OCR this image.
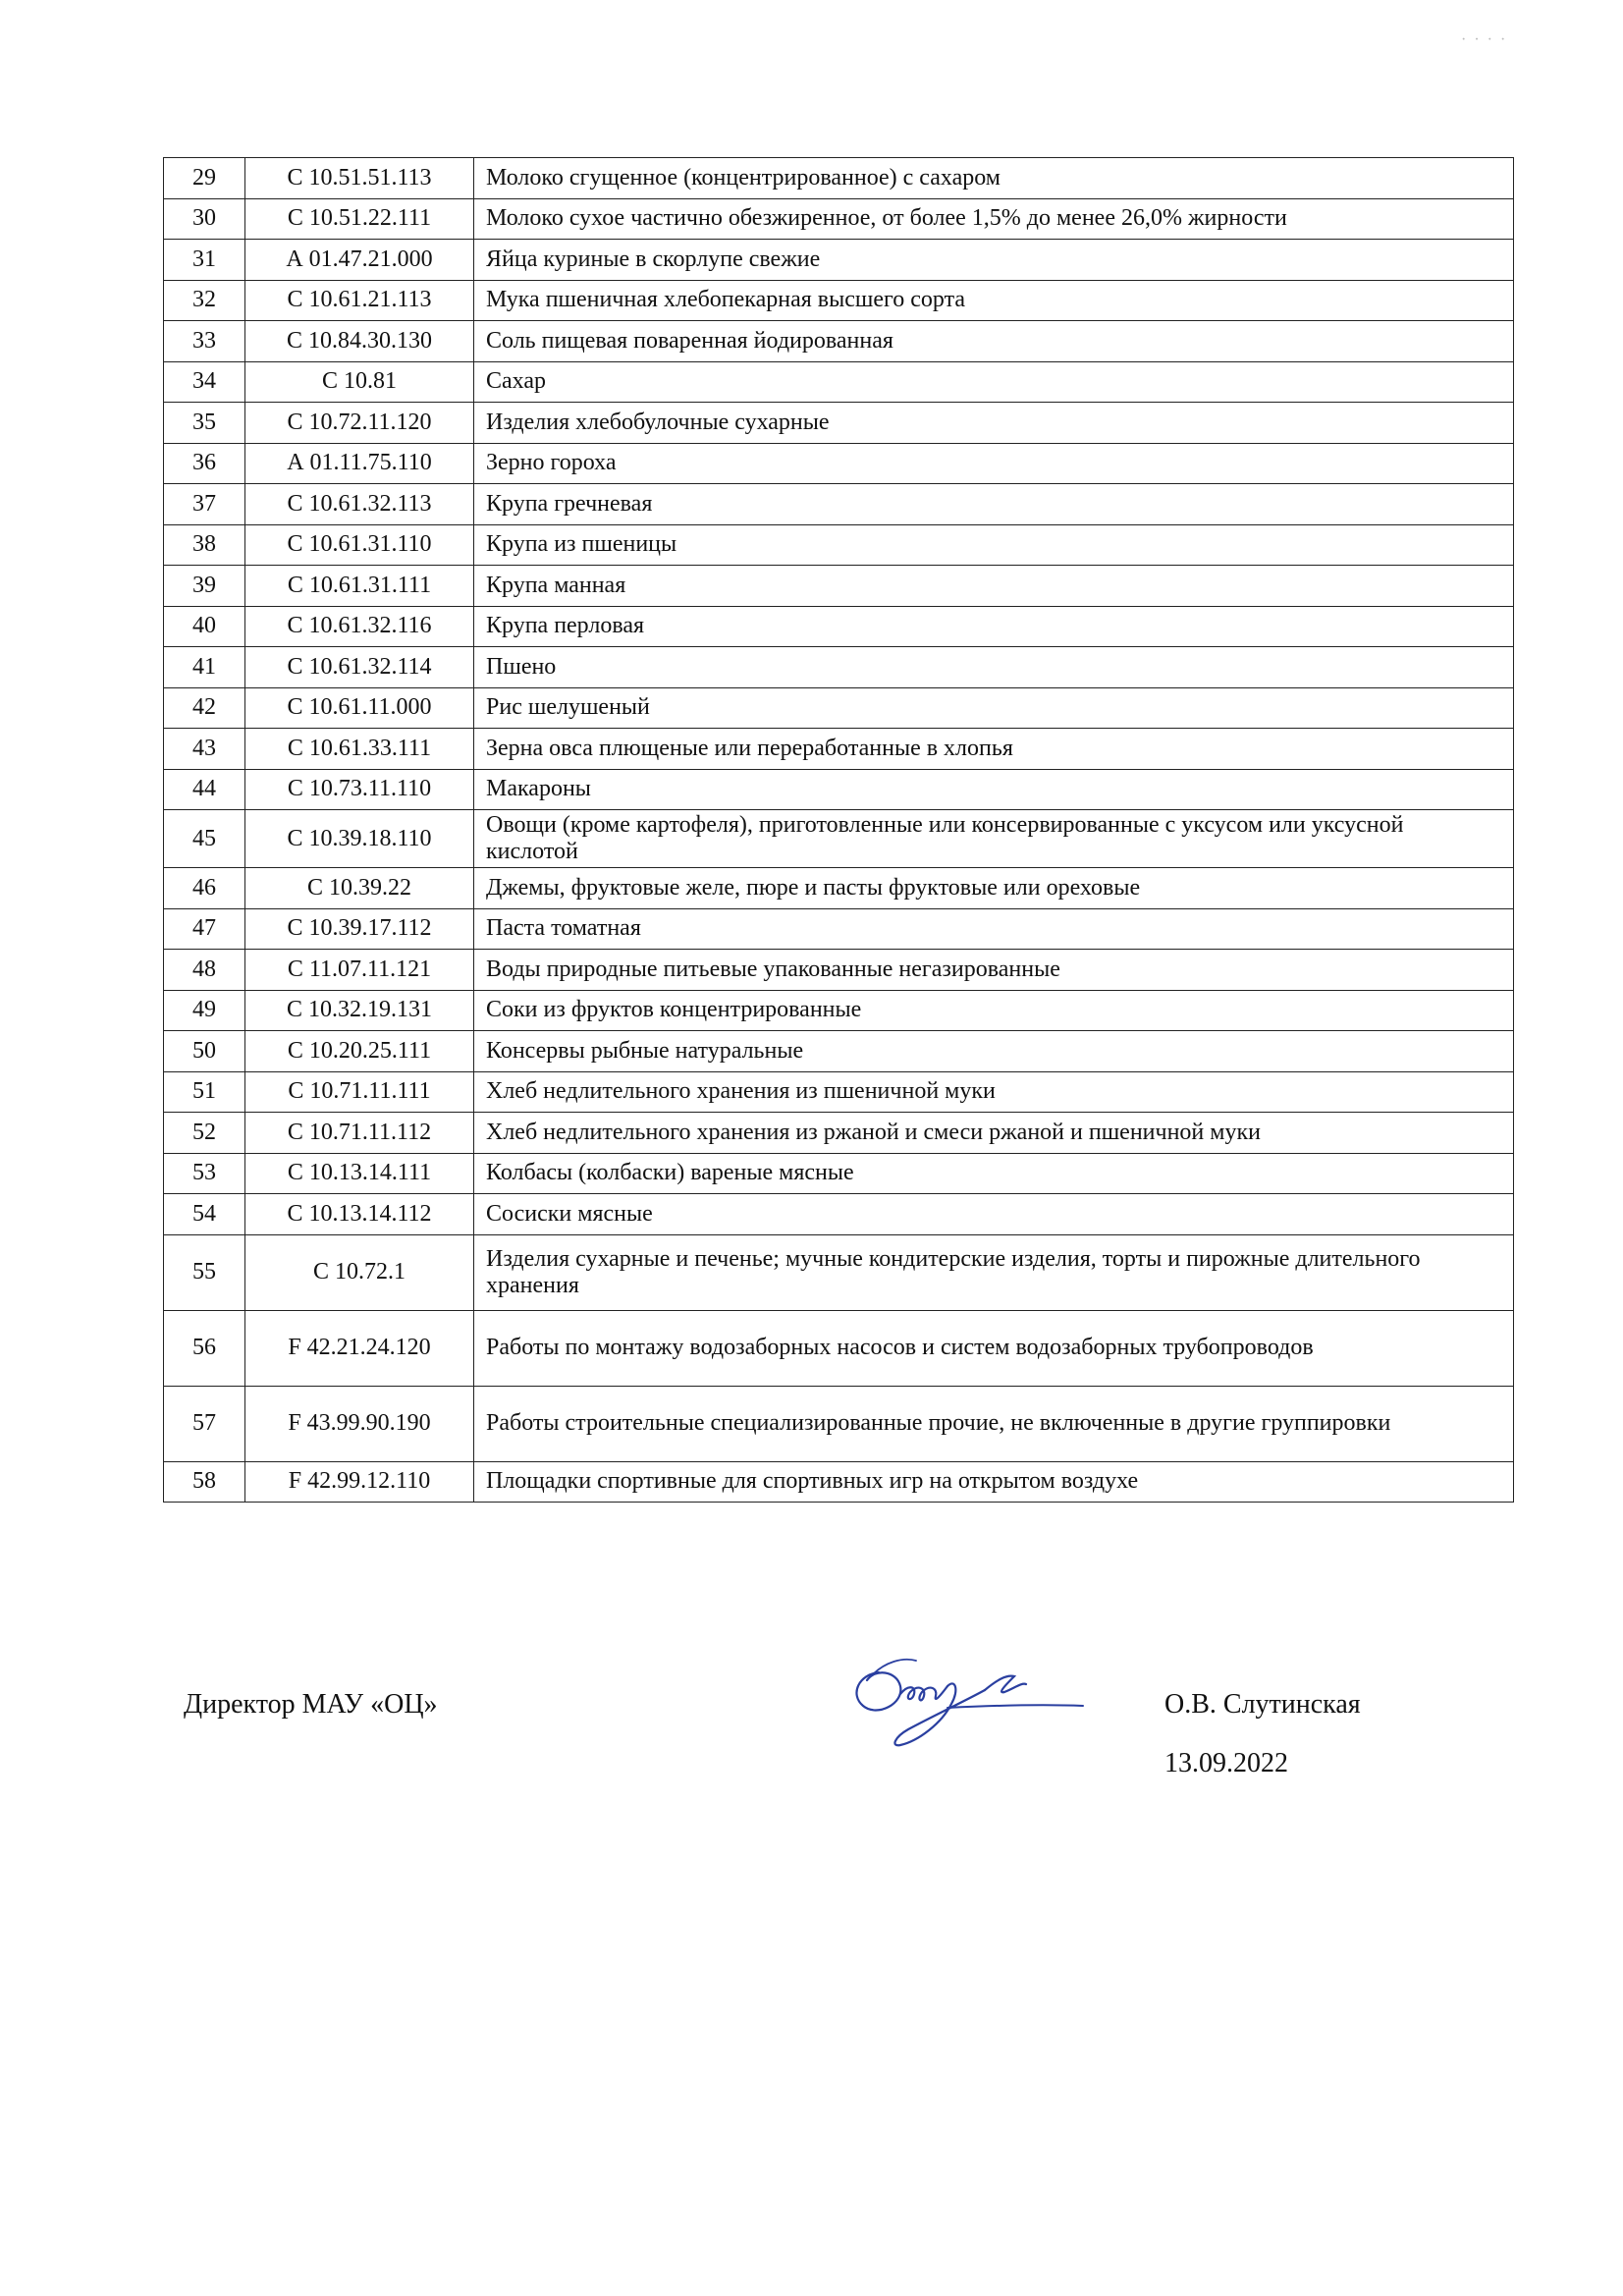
· · · ·
29	С 10.51.51.113	Молоко сгущенное (концентрированное) с сахаром
30	С 10.51.22.111	Молоко сухое частично обезжиренное, от более 1,5% до менее 26,0% жирности
31	А 01.47.21.000	Яйца куриные в скорлупе свежие
32	С 10.61.21.113	Мука пшеничная хлебопекарная высшего сорта
33	С 10.84.30.130	Соль пищевая поваренная йодированная
34	С 10.81	Сахар
35	С 10.72.11.120	Изделия хлебобулочные сухарные
36	А 01.11.75.110	Зерно гороха
37	С 10.61.32.113	Крупа гречневая
38	С 10.61.31.110	Крупа из пшеницы
39	С 10.61.31.111	Крупа манная
40	С 10.61.32.116	Крупа перловая
41	С 10.61.32.114	Пшено
42	С 10.61.11.000	Рис шелушеный
43	С 10.61.33.111	Зерна овса плющеные или переработанные в хлопья
44	С 10.73.11.110	Макароны
45	С 10.39.18.110	Овощи (кроме картофеля), приготовленные или консервированные с уксусом или уксусной кислотой
46	С 10.39.22	Джемы, фруктовые желе, пюре и пасты фруктовые или ореховые
47	С 10.39.17.112	Паста томатная
48	С 11.07.11.121	Воды природные питьевые упакованные негазированные
49	С 10.32.19.131	Соки из фруктов концентрированные
50	С 10.20.25.111	Консервы рыбные натуральные
51	С 10.71.11.111	Хлеб недлительного хранения из пшеничной муки
52	С 10.71.11.112	Хлеб недлительного хранения из ржаной и смеси ржаной и пшеничной муки
53	С 10.13.14.111	Колбасы (колбаски) вареные мясные
54	С 10.13.14.112	Сосиски мясные
55	С 10.72.1	Изделия сухарные и печенье; мучные кондитерские изделия, торты и пирожные длительного хранения
56	F 42.21.24.120	Работы по монтажу водозаборных насосов и систем водозаборных трубопроводов
57	F 43.99.90.190	Работы строительные специализированные прочие, не включенные в другие группировки
58	F 42.99.12.110	Площадки спортивные для спортивных игр на открытом воздухе
Директор МАУ «ОЦ»	О.В. Слутинская
13.09.2022
